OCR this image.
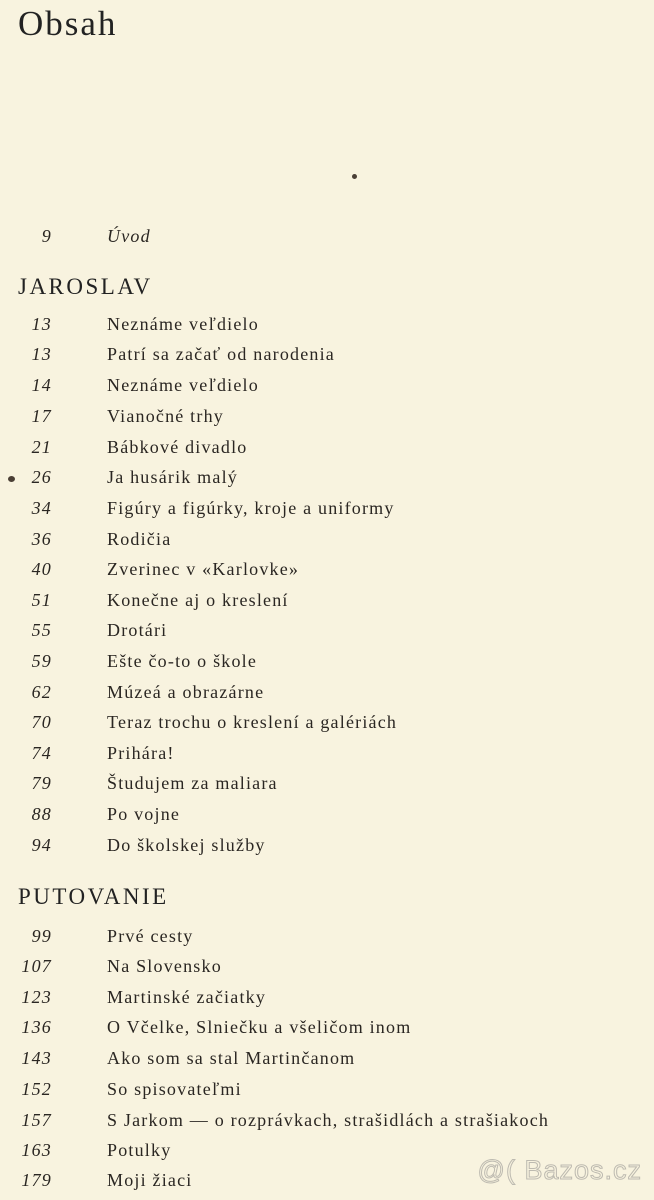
Obsah
9	Úvod
JAROSLAV
13	Neznáme veľdielo
13	Patrí sa začať od narodenia
14	Neznáme veľdielo
17	Vianočné trhy
21	Bábkové divadlo
26	Ja husárik malý
34	Figúry a figúrky, kroje a uniformy
36	Rodičia
40	Zverinec v «Karlovke»
51	Konečne aj o kreslení
55	Drotári
59	Ešte čo-to o škole
62	Múzeá a obrazárne
70	Teraz trochu o kreslení a galériách
74	Prihára!
79	Študujem za maliara
88	Po vojne
94	Do školskej služby
PUTOVANIE
99	Prvé cesty
107	Na Slovensko
123	Martinské začiatky
136	O Včelke, Slniečku a všeličom inom
143	Ako som sa stal Martinčanom
152	So spisovateľmi
157	S Jarkom — o rozprávkach, strašidlách a strašiakoch
163	Potulky
179	Moji žiaci	@( Bazos.cz
